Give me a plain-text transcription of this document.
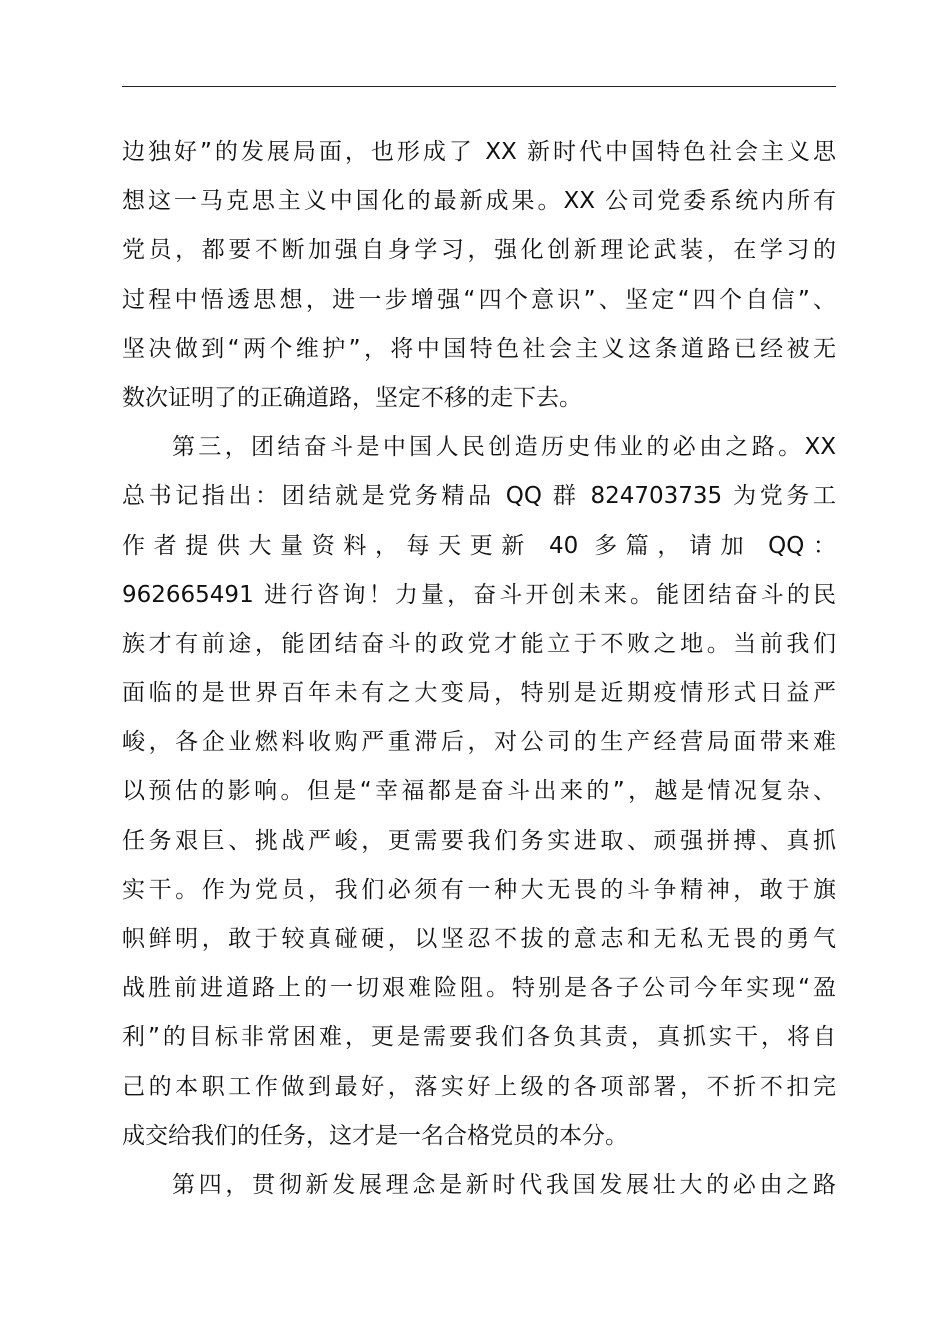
边独好”的发展局面，也形成了 XX 新时代中国特色社会主义思
想这一马克思主义中国化的最新成果。XX 公司党委系统内所有
党员，都要不断加强自身学习，强化创新理论武装，在学习的
过程中悟透思想，进一步增强“四个意识”、坚定“四个自信”、
坚决做到“两个维护”，将中国特色社会主义这条道路已经被无
数次证明了的正确道路，坚定不移的走下去。
第三，团结奋斗是中国人民创造历史伟业的必由之路。XX
总书记指出：团结就是党务精品 QQ 群 824703735 为党务工
作者提供大量资料，每天更新 40 多篇，请加 QQ：
962665491 进行咨询！力量，奋斗开创未来。能团结奋斗的民
族才有前途，能团结奋斗的政党才能立于不败之地。当前我们
面临的是世界百年未有之大变局，特别是近期疫情形式日益严
峻，各企业燃料收购严重滞后，对公司的生产经营局面带来难
以预估的影响。但是“幸福都是奋斗出来的”，越是情况复杂、
任务艰巨、挑战严峻，更需要我们务实进取、顽强拼搏、真抓
实干。作为党员，我们必须有一种大无畏的斗争精神，敢于旗
帜鲜明，敢于较真碰硬，以坚忍不拔的意志和无私无畏的勇气
战胜前进道路上的一切艰难险阻。特别是各子公司今年实现“盈
利”的目标非常困难，更是需要我们各负其责，真抓实干，将自
己的本职工作做到最好，落实好上级的各项部署，不折不扣完
成交给我们的任务，这才是一名合格党员的本分。
第四，贯彻新发展理念是新时代我国发展壮大的必由之路
